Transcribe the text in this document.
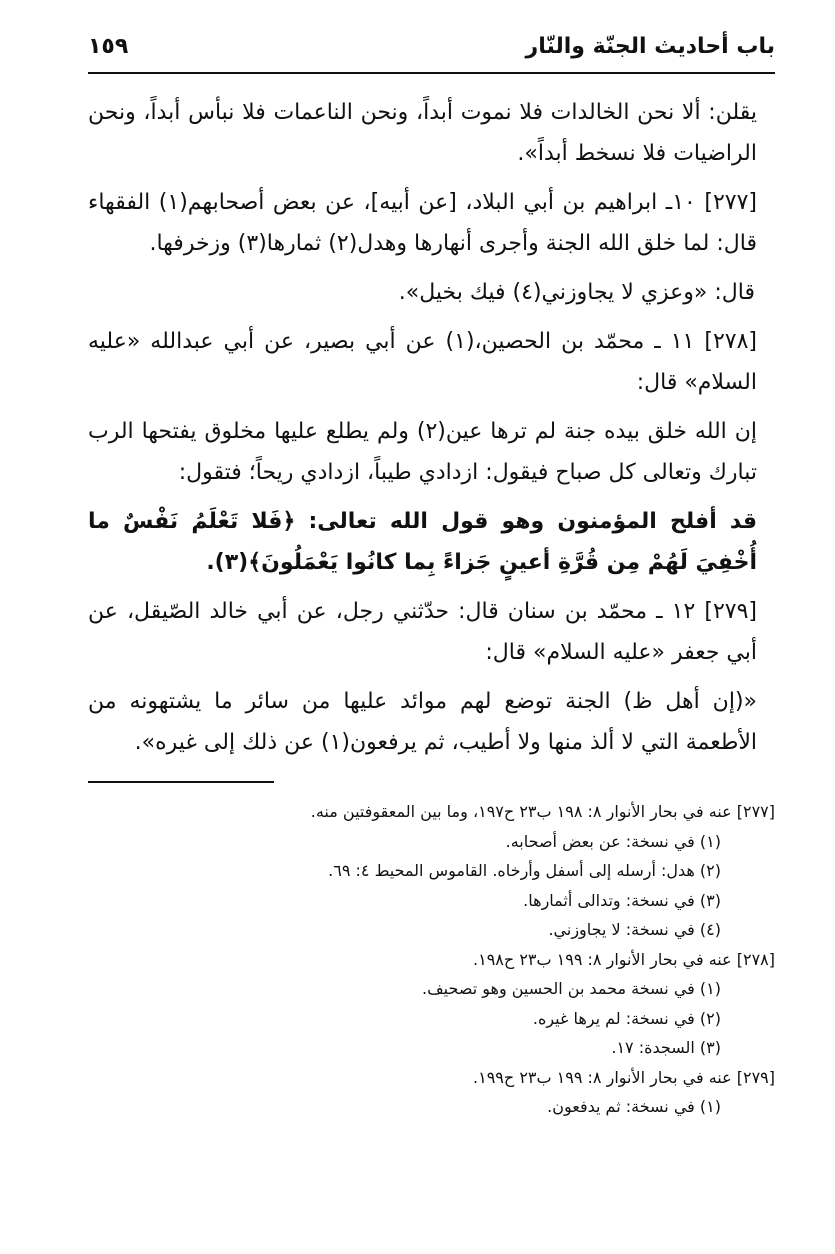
باب أحاديث الجنّة والنّار
١٥٩

يقلن: ألا نحن الخالدات فلا نموت أبداً، ونحن الناعمات فلا نبأس أبداً، ونحن الراضيات فلا نسخط أبداً».

[٢٧٧] ١٠ـ ابراهيم بن أبي البلاد، [عن أبيه]، عن بعض أصحابهم(١) الفقهاء قال: لما خلق الله الجنة وأجرى أنهارها وهدل(٢) ثمارها(٣) وزخرفها.

قال: «وعزي لا يجاوزني(٤) فيك بخيل».

[٢٧٨] ١١ ـ محمّد بن الحصين،(١) عن أبي بصير، عن أبي عبدالله «عليه السلام» قال:

إن الله خلق بيده جنة لم ترها عين(٢) ولم يطلع عليها مخلوق يفتحها الرب تبارك وتعالى كل صباح فيقول: ازدادي طيباً، ازدادي ريحاً؛ فتقول:

قد أفلح المؤمنون وهو قول الله تعالى: ﴿فَلا تَعْلَمُ نَفْسٌ ما أُخْفِيَ لَهُمْ مِن قُرَّةِ أعينٍ جَزاءً بِما كانُوا يَعْمَلُونَ﴾(٣).

[٢٧٩] ١٢ ـ محمّد بن سنان قال: حدّثني رجل، عن أبي خالد الصّيقل، عن أبي جعفر «عليه السلام» قال:

«(إن أهل ظ) الجنة توضع لهم موائد عليها من سائر ما يشتهونه من الأطعمة التي لا ألذ منها ولا أطيب، ثم يرفعون(١) عن ذلك إلى غيره».

[٢٧٧] عنه في بحار الأنوار ٨: ١٩٨ ب٢٣ ح١٩٧، وما بين المعقوفتين منه.

(١) في نسخة: عن بعض أصحابه.

(٢) هدل: أرسله إلى أسفل وأرخاه. القاموس المحيط ٤: ٦٩.

(٣) في نسخة: وتدالى أثمارها.

(٤) في نسخة: لا يجاوزني.

[٢٧٨] عنه في بحار الأنوار ٨: ١٩٩ ب٢٣ ح١٩٨.

(١) في نسخة محمد بن الحسين وهو تصحيف.

(٢) في نسخة: لم يرها غيره.

(٣) السجدة: ١٧.

[٢٧٩] عنه في بحار الأنوار ٨: ١٩٩ ب٢٣ ح١٩٩.

(١) في نسخة: ثم يدفعون.
